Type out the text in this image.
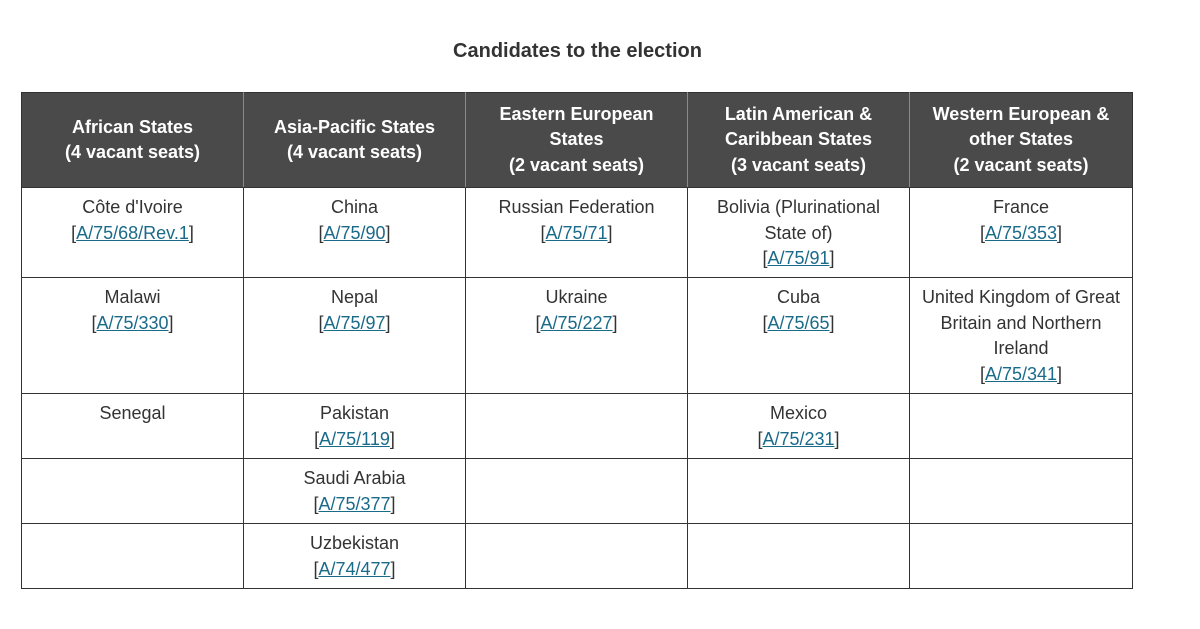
Candidates to the election
African States
(4 vacant seats)	Asia-Pacific States
(4 vacant seats)	Eastern European States
(2 vacant seats)	Latin American & Caribbean States
(3 vacant seats)	Western European & other States
(2 vacant seats)

Côte d'Ivoire
[A/75/68/Rev.1]	China
[A/75/90]	Russian Federation
[A/75/71]	Bolivia (Plurinational State of)
[A/75/91]	France
[A/75/353]

Malawi
[A/75/330]	Nepal
[A/75/97]	Ukraine
[A/75/227]	Cuba
[A/75/65]	United Kingdom of Great Britain and Northern Ireland
[A/75/341]

Senegal	Pakistan
[A/75/119]		Mexico
[A/75/231]	

	Saudi Arabia
[A/75/377]			

	Uzbekistan
[A/74/477]			
